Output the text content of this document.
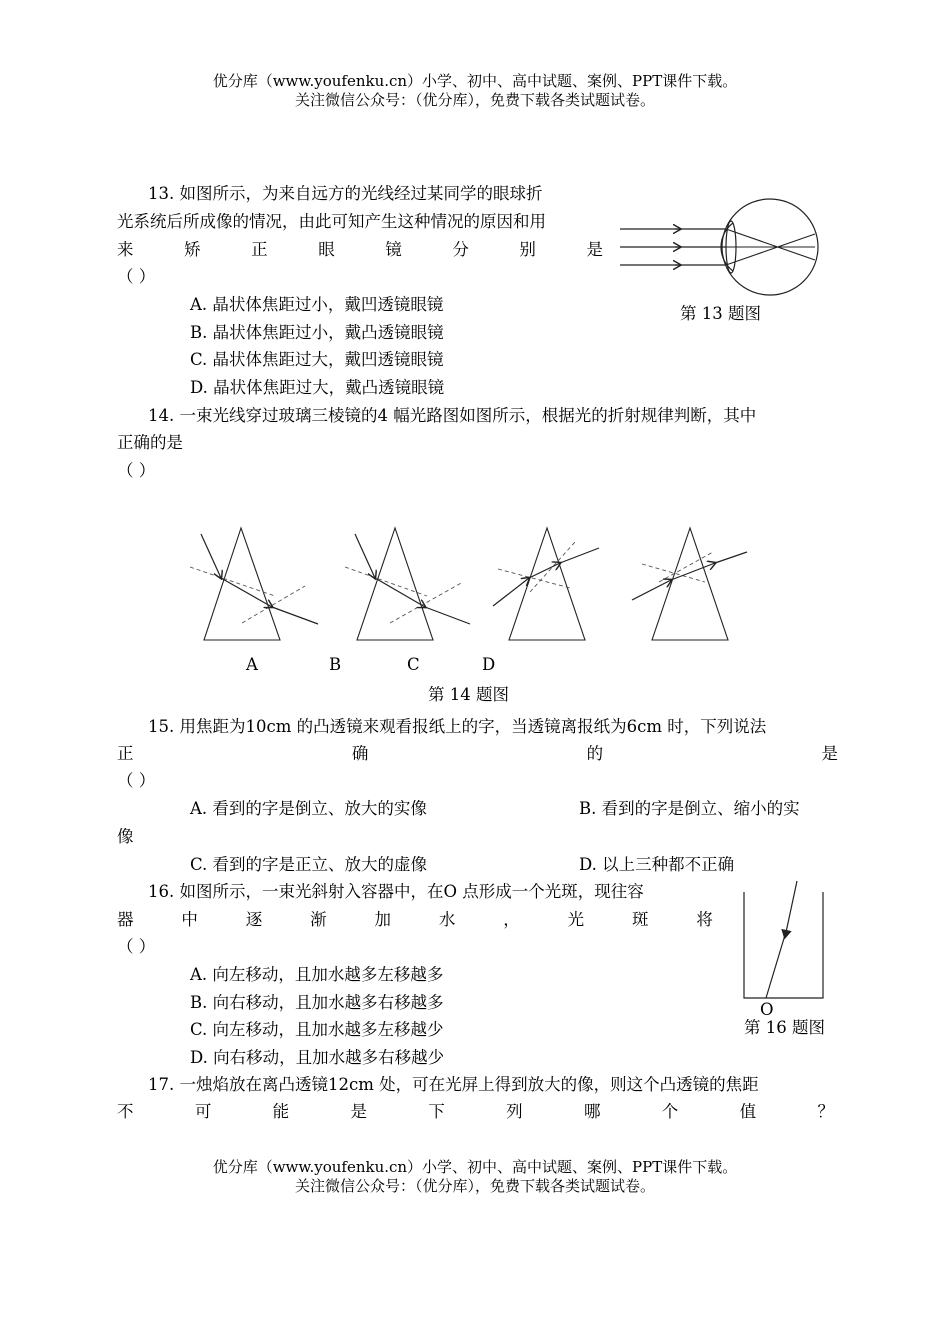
优分库（www.youfenku.cn）小学、初中、高中试题、案例、PPT课件下载。
关注微信公众号：（优分库），免费下载各类试题试卷。
13. 如图所示，为来自远方的光线经过某同学的眼球折
光系统后所成像的情况，由此可知产生这种情况的原因和用
来	矫	正	眼	镜	分	别	是
（ ）
A. 晶状体焦距过小，戴凹透镜眼镜
B. 晶状体焦距过小，戴凸透镜眼镜
C. 晶状体焦距过大，戴凹透镜眼镜
D. 晶状体焦距过大，戴凸透镜眼镜
第 13 题图
14. 一束光线穿过玻璃三棱镜的4 幅光路图如图所示，根据光的折射规律判断，其中
正确的是
（ ）
A	B	C	D
第 14 题图
15. 用焦距为10cm 的凸透镜来观看报纸上的字，当透镜离报纸为6cm 时，下列说法
正	确	的	是
（ ）
A. 看到的字是倒立、放大的实像	B. 看到的字是倒立、缩小的实
像
C. 看到的字是正立、放大的虚像	D. 以上三种都不正确
16. 如图所示，一束光斜射入容器中，在O 点形成一个光斑，现往容
器	中	逐	渐	加	水	，	光	斑	将
（ ）
A. 向左移动，且加水越多左移越多
B. 向右移动，且加水越多右移越多
C. 向左移动，且加水越多左移越少
D. 向右移动，且加水越多右移越少
O
第 16 题图
17. 一烛焰放在离凸透镜12cm 处，可在光屏上得到放大的像，则这个凸透镜的焦距
不	可	能	是	下	列	哪	个	值	？
优分库（www.youfenku.cn）小学、初中、高中试题、案例、PPT课件下载。
关注微信公众号：（优分库），免费下载各类试题试卷。
